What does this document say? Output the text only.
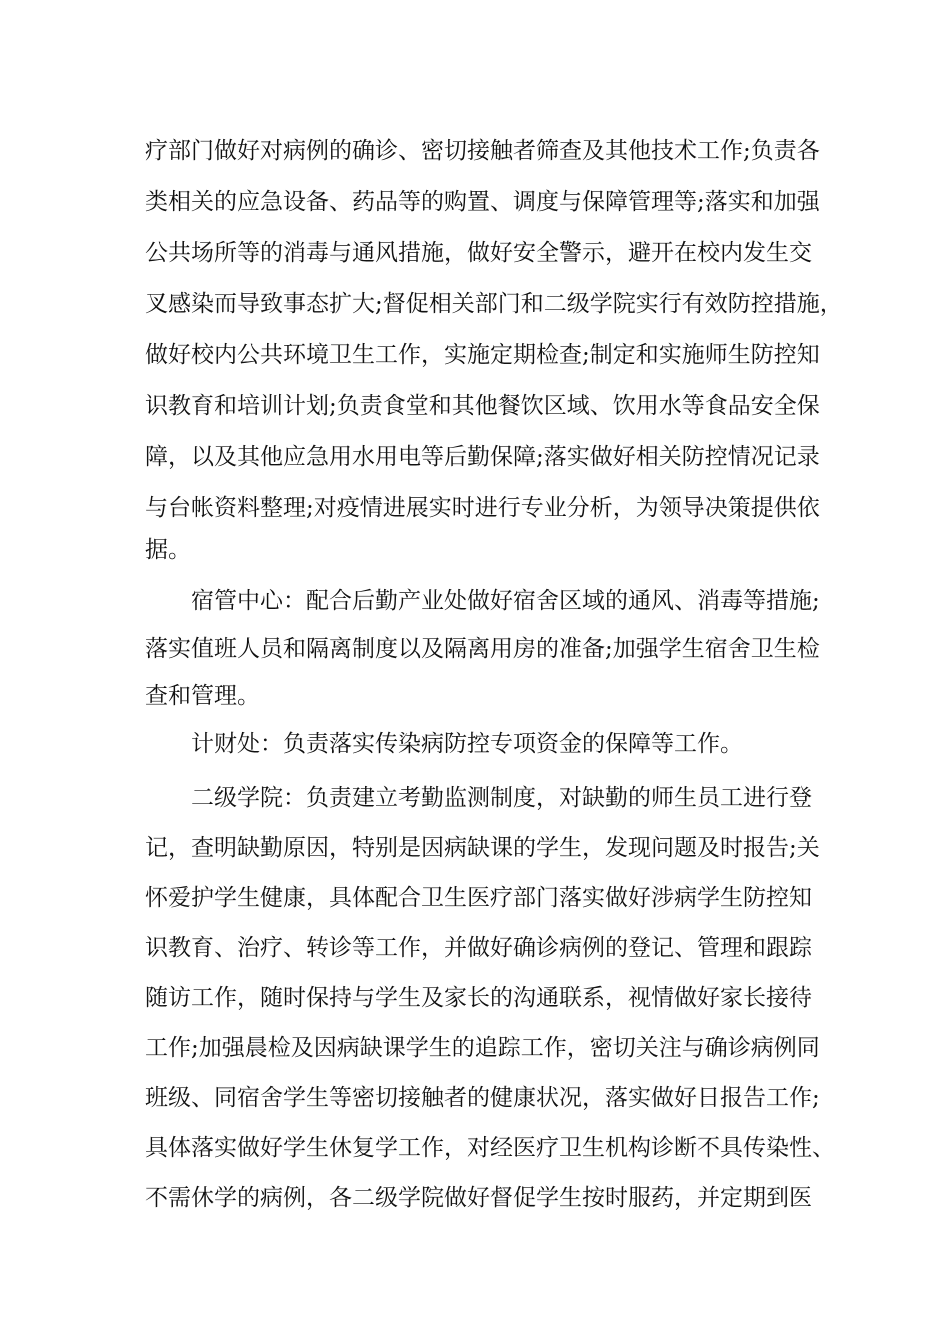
疗部门做好对病例的确诊、密切接触者筛查及其他技术工作;负责各
类相关的应急设备、药品等的购置、调度与保障管理等;落实和加强
公共场所等的消毒与通风措施，做好安全警示，避开在校内发生交
叉感染而导致事态扩大;督促相关部门和二级学院实行有效防控措施，
做好校内公共环境卫生工作，实施定期检查;制定和实施师生防控知
识教育和培训计划;负责食堂和其他餐饮区域、饮用水等食品安全保
障，以及其他应急用水用电等后勤保障;落实做好相关防控情况记录
与台帐资料整理;对疫情进展实时进行专业分析，为领导决策提供依
据。
宿管中心：配合后勤产业处做好宿舍区域的通风、消毒等措施;
落实值班人员和隔离制度以及隔离用房的准备;加强学生宿舍卫生检
查和管理。
计财处：负责落实传染病防控专项资金的保障等工作。
二级学院：负责建立考勤监测制度，对缺勤的师生员工进行登
记，查明缺勤原因，特别是因病缺课的学生，发现问题及时报告;关
怀爱护学生健康，具体配合卫生医疗部门落实做好涉病学生防控知
识教育、治疗、转诊等工作，并做好确诊病例的登记、管理和跟踪
随访工作，随时保持与学生及家长的沟通联系，视情做好家长接待
工作;加强晨检及因病缺课学生的追踪工作，密切关注与确诊病例同
班级、同宿舍学生等密切接触者的健康状况，落实做好日报告工作;
具体落实做好学生休复学工作，对经医疗卫生机构诊断不具传染性、
不需休学的病例，各二级学院做好督促学生按时服药，并定期到医
